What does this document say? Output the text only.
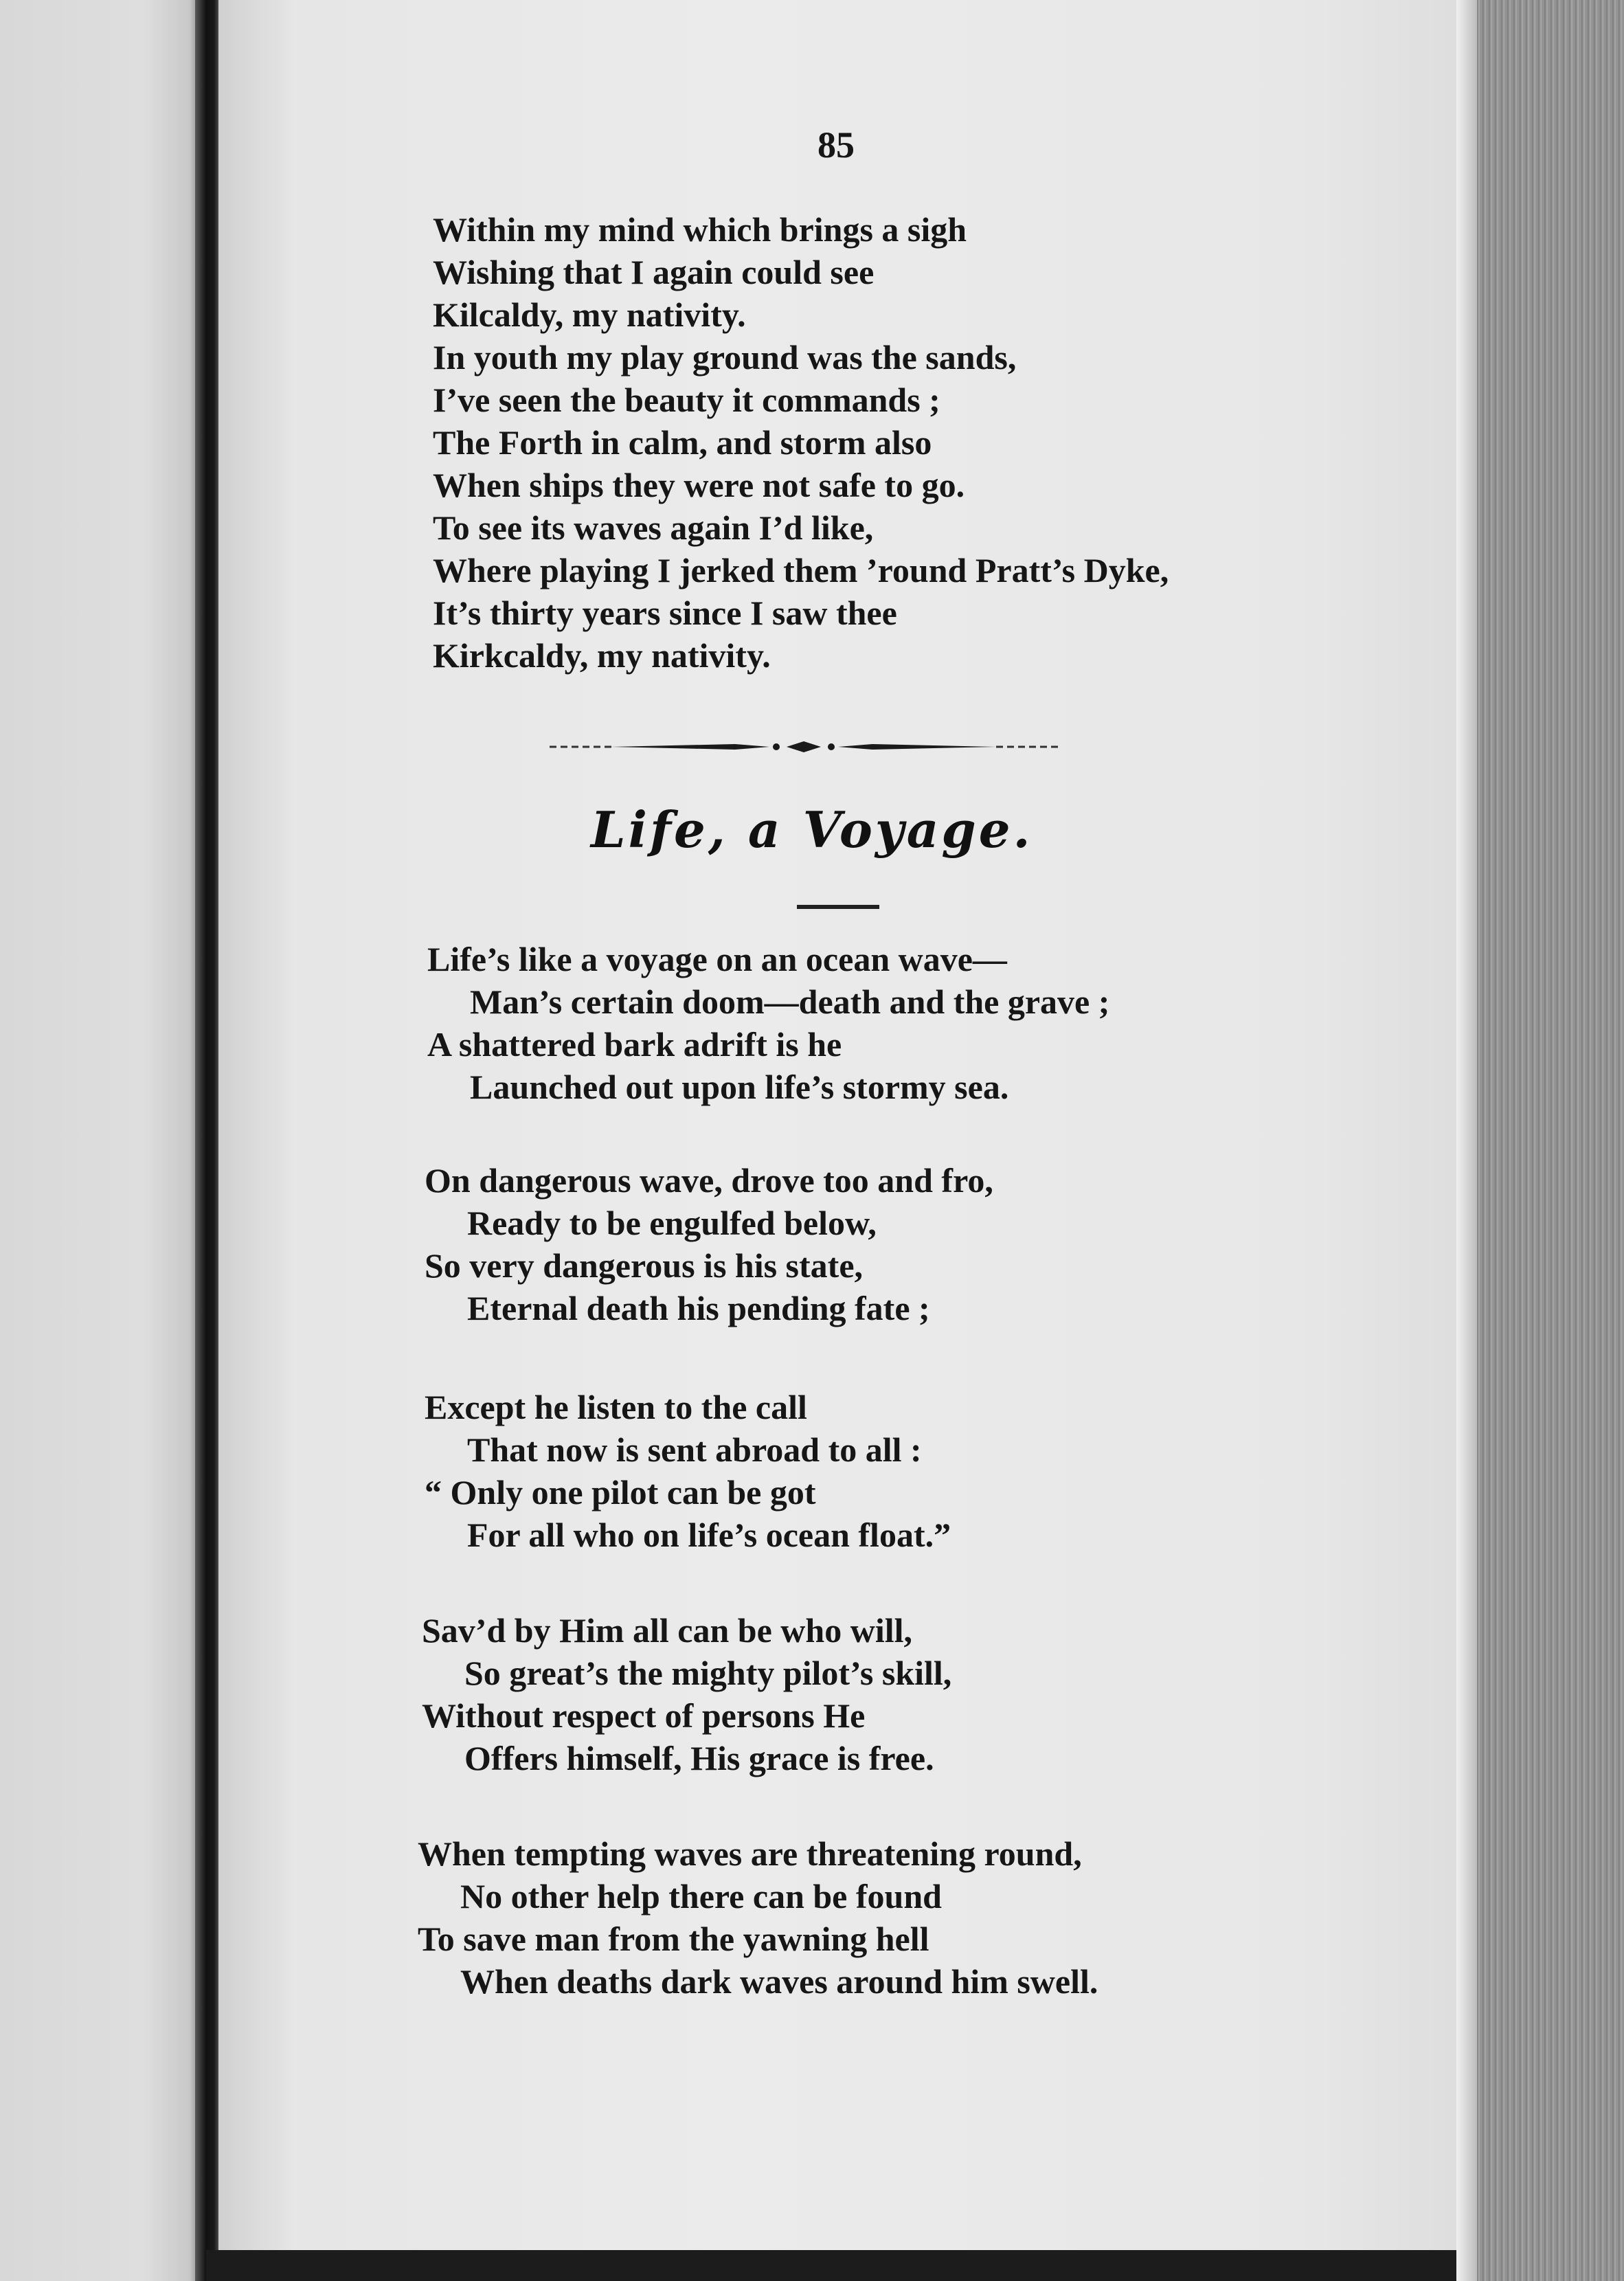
85
Within my mind which brings a sigh
Wishing that I again could see
Kilcaldy, my nativity.
In youth my play ground was the sands,
I’ve seen the beauty it commands ;
The Forth in calm, and storm also
When ships they were not safe to go.
To see its waves again I’d like,
Where playing I jerked them ’round Pratt’s Dyke,
It’s thirty years since I saw thee
Kirkcaldy, my nativity.
Life, a Voyage.
Life’s like a voyage on an ocean wave—
Man’s certain doom—death and the grave ;
A shattered bark adrift is he
Launched out upon life’s stormy sea.
On dangerous wave, drove too and fro,
Ready to be engulfed below,
So very dangerous is his state,
Eternal death his pending fate ;
Except he listen to the call
That now is sent abroad to all :
“ Only one pilot can be got
For all who on life’s ocean float.”
Sav’d by Him all can be who will,
So great’s the mighty pilot’s skill,
Without respect of persons He
Offers himself, His grace is free.
When tempting waves are threatening round,
No other help there can be found
To save man from the yawning hell
When deaths dark waves around him swell.
